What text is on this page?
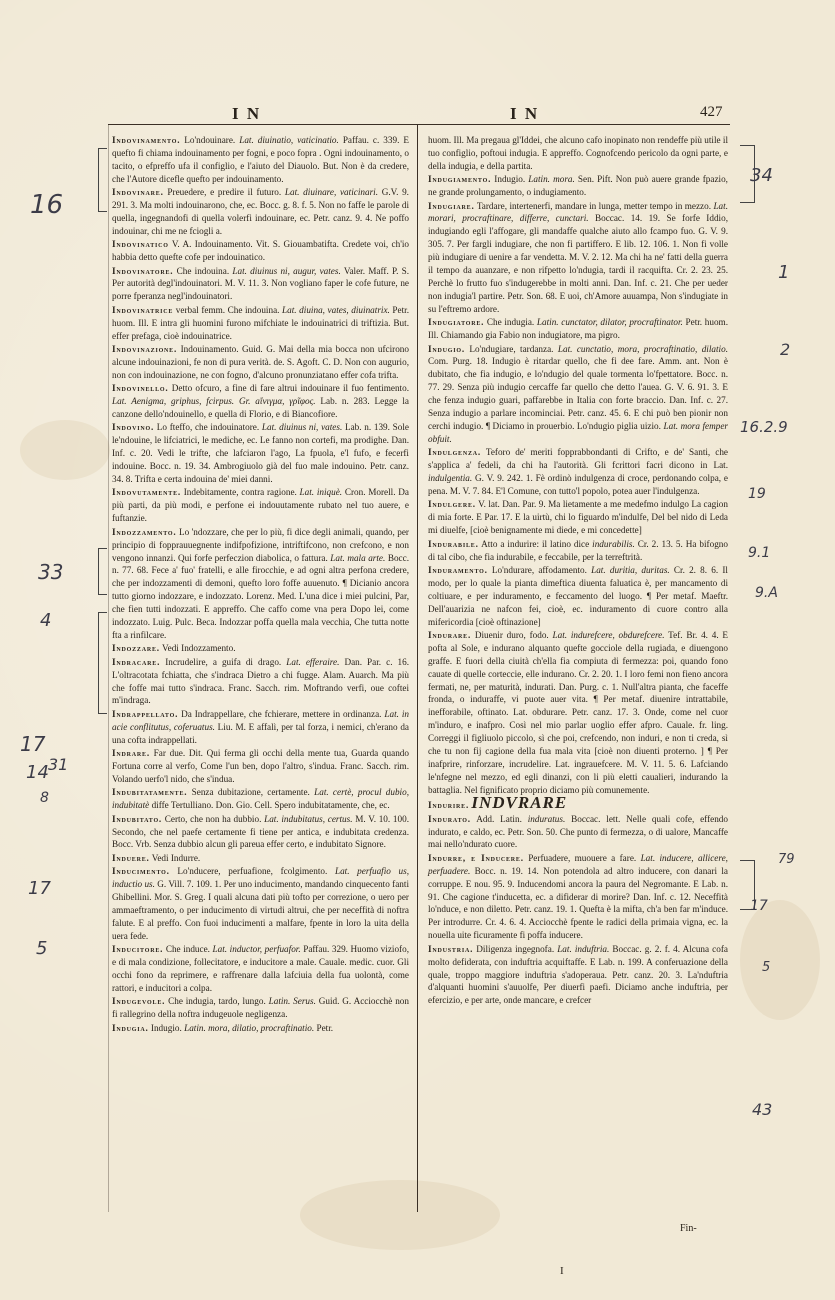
I N	I N	427
Indovinamento. Lo'ndouinare. Lat. diuinatio, vaticinatio. Paffau. c. 339. E quefto fi chiama indouinamento per fogni, e poco fopra . Ogni indouinamento, o tacito, o efpreffo ufa il configlio, e l'aiuto del Diauolo. But. Non è da credere, che l'Autore dicefle quefto per indouinamento.
Indovinare. Preuedere, e predire il futuro. Lat. diuinare, vaticinari. G.V. 9. 291. 3. Ma molti indouinarono, che, ec. Bocc. g. 8. f. 5. Non no faffe le parole di quella, ingegnandofi di quella volerfi indouinare, ec. Petr. canz. 9. 4. Ne poffo indouinar, chi me ne fciogli a.
Indovinatico V. A. Indouinamento. Vit. S. Giouambatifta. Credete voi, ch'io habbia detto quefte cofe per indouinatico.
Indovinatore. Che indouina. Lat. diuinus ni, augur, vates. Valer. Maff. P. S. Per autorità degl'indouinatori. M. V. 11. 3. Non vogliano faper le cofe future, ne porre fperanza negl'indouinatori.
Indovinatrice verbal femm. Che indouina. Lat. diuina, vates, diuinatrix. Petr. huom. Ill. E intra gli huomini furono mifchiate le indouinatrici di triftizia. But. effer prefaga, cioè indouinatrice.
Indovinazione. Indouinamento. Guid. G. Mai della mia bocca non ufcirono alcune indouinazioni, fe non di pura verità. de. S. Agoft. C. D. Non con augurio, non con indouinazione, ne con fogno, d'alcuno pronunziatano effer cofa trifta.
Indovinello. Detto ofcuro, a fine di fare altrui indouinare il fuo fentimento. Lat. Aenigma, griphus, fcirpus. Gr. aἴνιγμα, γρῖφος. Lab. n. 283. Legge la canzone dello'ndouinello, e quella di Florio, e di Biancofiore.
Indovino. Lo fteffo, che indouinatore. Lat. diuinus ni, vates. Lab. n. 139. Sole le'ndouine, le lifciatrici, le mediche, ec. Le fanno non cortefi, ma prodighe. Dan. Inf. c. 20. Vedi le trifte, che lafciaron l'ago, La fpuola, e'l fufo, e fecerfi indouine. Bocc. n. 19. 34. Ambrogiuolo già del fuo male indouino. Petr. canz. 34. 8. Trifta e certa indouina de' miei danni.
Indovutamente. Indebitamente, contra ragione. Lat. iniquè. Cron. Morell. Da più parti, da più modi, e perfone ei indouutamente rubato nel tuo auere, e fuftanzie.
Indozzamento. Lo 'ndozzare, che per lo più, fi dice degli animali, quando, per principio di fopprauuegnente indifpofizione, intriftifcono, non crefcono, e non vengono innanzi. Qui forfe perfeczion diabolica, o fattura. Lat. mala arte. Bocc. n. 77. 68. Fece a' fuo' fratelli, e alle firocchie, e ad ogni altra perfona credere, che per indozzamenti di demoni, quefto loro foffe auuenuto. ¶ Dicianio ancora tutto giorno indozzare, e indozzato. Lorenz. Med. L'una dice i miei pulcini, Par, che fien tutti indozzati. E appreffo. Che caffo come vna pera Dopo lei, come indozzato. Luig. Pulc. Beca. Indozzar poffa quella mala vecchia, Che tutta notte fta a rinfilcare.
Indozzare. Vedi Indozzamento.
Indracare. Incrudelire, a guifa di drago. Lat. efferaire. Dan. Par. c. 16. L'oltracotata fchiatta, che s'indraca Dietro a chi fugge. Alam. Auarch. Ma più che foffe mai tutto s'indraca. Franc. Sacch. rim. Moftrando verfi, oue coftei m'indraga.
Indrappellato. Da Indrappellare, che fchierare, mettere in ordinanza. Lat. in acie conflitutus, coferuatus. Liu. M. E affalì, per tal forza, i nemici, ch'erano da una cofta indrappellati.
Indrare. Far due. Dit. Qui ferma gli occhi della mente tua, Guarda quando Fortuna corre al verfo, Come l'un ben, dopo l'altro, s'indua. Franc. Sacch. rim. Volando uerfo'l nido, che s'indua.
Indubitatamente. Senza dubitazione, certamente. Lat. certè, procul dubio, indubitatè diffe Tertulliano. Don. Gio. Cell. Spero indubitatamente, che, ec.
Indubitato. Certo, che non ha dubbio. Lat. indubitatus, certus. M. V. 10. 100. Secondo, che nel paefe certamente fi tiene per antica, e indubitata credenza. Bocc. Vrb. Senza dubbio alcun gli pareua effer certo, e indubitato Signore.
Induere. Vedi Indurre.
Inducimento. Lo'nducere, perfuafione, fcolgimento. Lat. perfuafio us, inductio us. G. Vill. 7. 109. 1. Per uno inducimento, mandando cinquecento fanti Ghibellini. Mor. S. Greg. I quali alcuna dati più tofto per correzione, o uero per ammaeftramento, o per inducimento di virtudi altrui, che per neceffità di noftra falute. E al preffo. Con fuoi inducimenti a malfare, fpente in loro la uita della uera fede.
Inducitore. Che induce. Lat. inductor, perfuafor. Paffau. 329. Huomo viziofo, e di mala condizione, follecitatore, e inducitore a male. Cauale. medic. cuor. Gli occhi fono da reprimere, e raffrenare dalla lafciuia della fua uolontà, come rattori, e inducitori a colpa.
Indugevole. Che indugia, tardo, lungo. Latin. Serus. Guid. G. Acciocchè non fi rallegrino della noftra indugeuole negligenza.
Indugia. Indugio. Latin. mora, dilatio, procraftinatio. Petr.
huom. Ill. Ma pregaua gl'Iddei, che alcuno cafo inopinato non rendeffe più utile il tuo configlio, poftoui indugia. E appreffo. Cognofcendo pericolo da ogni parte, e della indugia, e della partita.
Indugiamento. Indugio. Latin. mora. Sen. Pift. Non può auere grande fpazio, ne grande prolungamento, o indugiamento.
Indugiare. Tardare, intertenerfi, mandare in lunga, metter tempo in mezzo. Lat. morari, procraftinare, differre, cunctari. Boccac. 14. 19. Se forfe Iddio, indugiando egli l'affogare, gli mandaffe qualche aiuto allo fcampo fuo. G. V. 9. 305. 7. Per fargli indugiare, che non fi partiffero. E lib. 12. 106. 1. Non fi volle più indugiare di uenire a far vendetta. M. V. 2. 12. Ma chi ha ne' fatti della guerra il tempo da auanzare, e non rifpetto lo'ndugia, tardi il racquifta. Cr. 2. 23. 25. Perchè lo frutto fuo s'indugerebbe in molti anni. Dan. Inf. c. 21. Che per ueder non indugia'l partire. Petr. Son. 68. E uoi, ch'Amore auuampa, Non s'indugiate in su l'eftremo ardore.
Indugiatore. Che indugia. Latin. cunctator, dilator, procraftinator. Petr. huom. Ill. Chiamando gia Fabio non indugiatore, ma pigro.
Indugio. Lo'ndugiare, tardanza. Lat. cunctatio, mora, procraftinatio, dilatio. Com. Purg. 18. Indugio è ritardar quello, che fi dee fare. Amm. ant. Non è dubitato, che fia indugio, e lo'ndugio del quale tormenta lo'fpettatore. Bocc. n. 77. 29. Senza più indugio cercaffe far quello che detto l'auea. G. V. 6. 91. 3. E che fenza indugio guari, paffarebbe in Italia con forte braccio. Dan. Inf. c. 27. Senza indugio a parlare incominciai. Petr. canz. 45. 6. E chi può ben pionir non cerchi indugio. ¶ Diciamo in prouerbio. Lo'ndugio piglia uizio. Lat. mora femper obfuit.
Indulgenza. Teforo de' meriti fopprabbondanti di Crifto, e de' Santi, che s'applica a' fedeli, da chi ha l'autorità. Gli fcrittori facri dicono in Lat. indulgentia. G. V. 9. 242. 1. Fè ordinò indulgenza di croce, perdonando colpa, e pena. M. V. 7. 84. E'l Comune, con tutto'l popolo, potea auer l'indulgenza.
Indulgere. V. lat. Dan. Par. 9. Ma lietamente a me medefmo indulgo La cagion di mia forte. E Par. 17. E la uirtù, chi lo figuardo m'indulfe, Del bel nido di Leda mi diuelfe, [cioè benignamente mi diede, e mi concedette]
Indurabile. Atto a indurire: il latino dice indurabilis. Cr. 2. 13. 5. Ha bifogno di tal cibo, che fia indurabile, e feccabile, per la terreftrità.
Induramento. Lo'ndurare, affodamento. Lat. duritia, duritas. Cr. 2. 8. 6. Il modo, per lo quale la pianta dimeftica diuenta faluatica è, per mancamento di coltiuare, e per induramento, e feccamento del luogo. ¶ Per metaf. Maeftr. Dell'auarizia ne nafcon fei, cioè, ec. induramento di cuore contro alla mifericordia [cioè oftinazione]
Indurare. Diuenir duro, fodo. Lat. indurefcere, obdurefcere. Tef. Br. 4. 4. E pofta al Sole, e indurano alquanto quefte gocciole della rugiada, e diuengono graffe. E fuori della ciuità ch'ella fia compiuta di fermezza: poi, quando fono cauate di quelle corteccie, elle indurano. Cr. 2. 20. 1. I loro femi non fieno ancora fermati, ne, per maturità, indurati. Dan. Purg. c. 1. Null'altra pianta, che faceffe fronda, o induraffe, vi puote auer vita. ¶ Per metaf. diuenire intrattabile, inefforabile, oftinato. Lat. obdurare. Petr. canz. 17. 3. Onde, come nel cuor m'induro, e inafpro. Così nel mio parlar uoglio effer afpro. Cauale. fr. ling. Correggi il figliuolo piccolo, sì che poi, crefcendo, non induri, e non ti creda, sì che tu non fij cagione della fua mala vita [cioè non diuenti proterno. ] ¶ Per inafprire, rinforzare, incrudelire. Lat. ingrauefcere. M. V. 11. 5. 6. Lafciando le'nfegne nel mezzo, ed egli dinanzi, con li più eletti caualieri, indurando la battaglia. Nel fignificato proprio diciamo più comunemente.
Indurire. INDVRARE
Indurato. Add. Latin. induratus. Boccac. lett. Nelle quali cofe, effendo indurato, e caldo, ec. Petr. Son. 50. Che punto di fermezza, o di ualore, Mancaffe mai nello'ndurato cuore.
Indurre, e Inducere. Perfuadere, muouere a fare. Lat. inducere, allicere, perfuadere. Bocc. n. 19. 14. Non potendola ad altro inducere, con danari la corruppe. E nou. 95. 9. Inducendomi ancora la paura del Negromante. E Lab. n. 91. Che cagione t'inducetta, ec. a difiderar di morire? Dan. Inf. c. 12. Neceffità lo'nduce, e non diletto. Petr. canz. 19. 1. Quefta è la mifta, ch'a ben far m'induce. Per introdurre. Cr. 4. 6. 4. Acciocchè fpente le radici della primaia vigna, ec. la nouella uite ficuramente fi poffa inducere.
Industria. Diligenza ingegnofa. Lat. induftria. Boccac. g. 2. f. 4. Alcuna cofa molto defiderata, con induftria acquiftaffe. E Lab. n. 199. A conferuazione della quale, troppo maggiore induftria s'adoperaua. Petr. canz. 20. 3. La'nduftria d'alquanti huomini s'auuolfe, Per diuerfi paefi. Diciamo anche induftria, per efercizio, e per arte, onde mancare, e crefcer
Fin-
I
16
33
4
17
14 31
8
17
5
34
1
2
16.2.9
19
9.1
9.A
79
17
5
43
